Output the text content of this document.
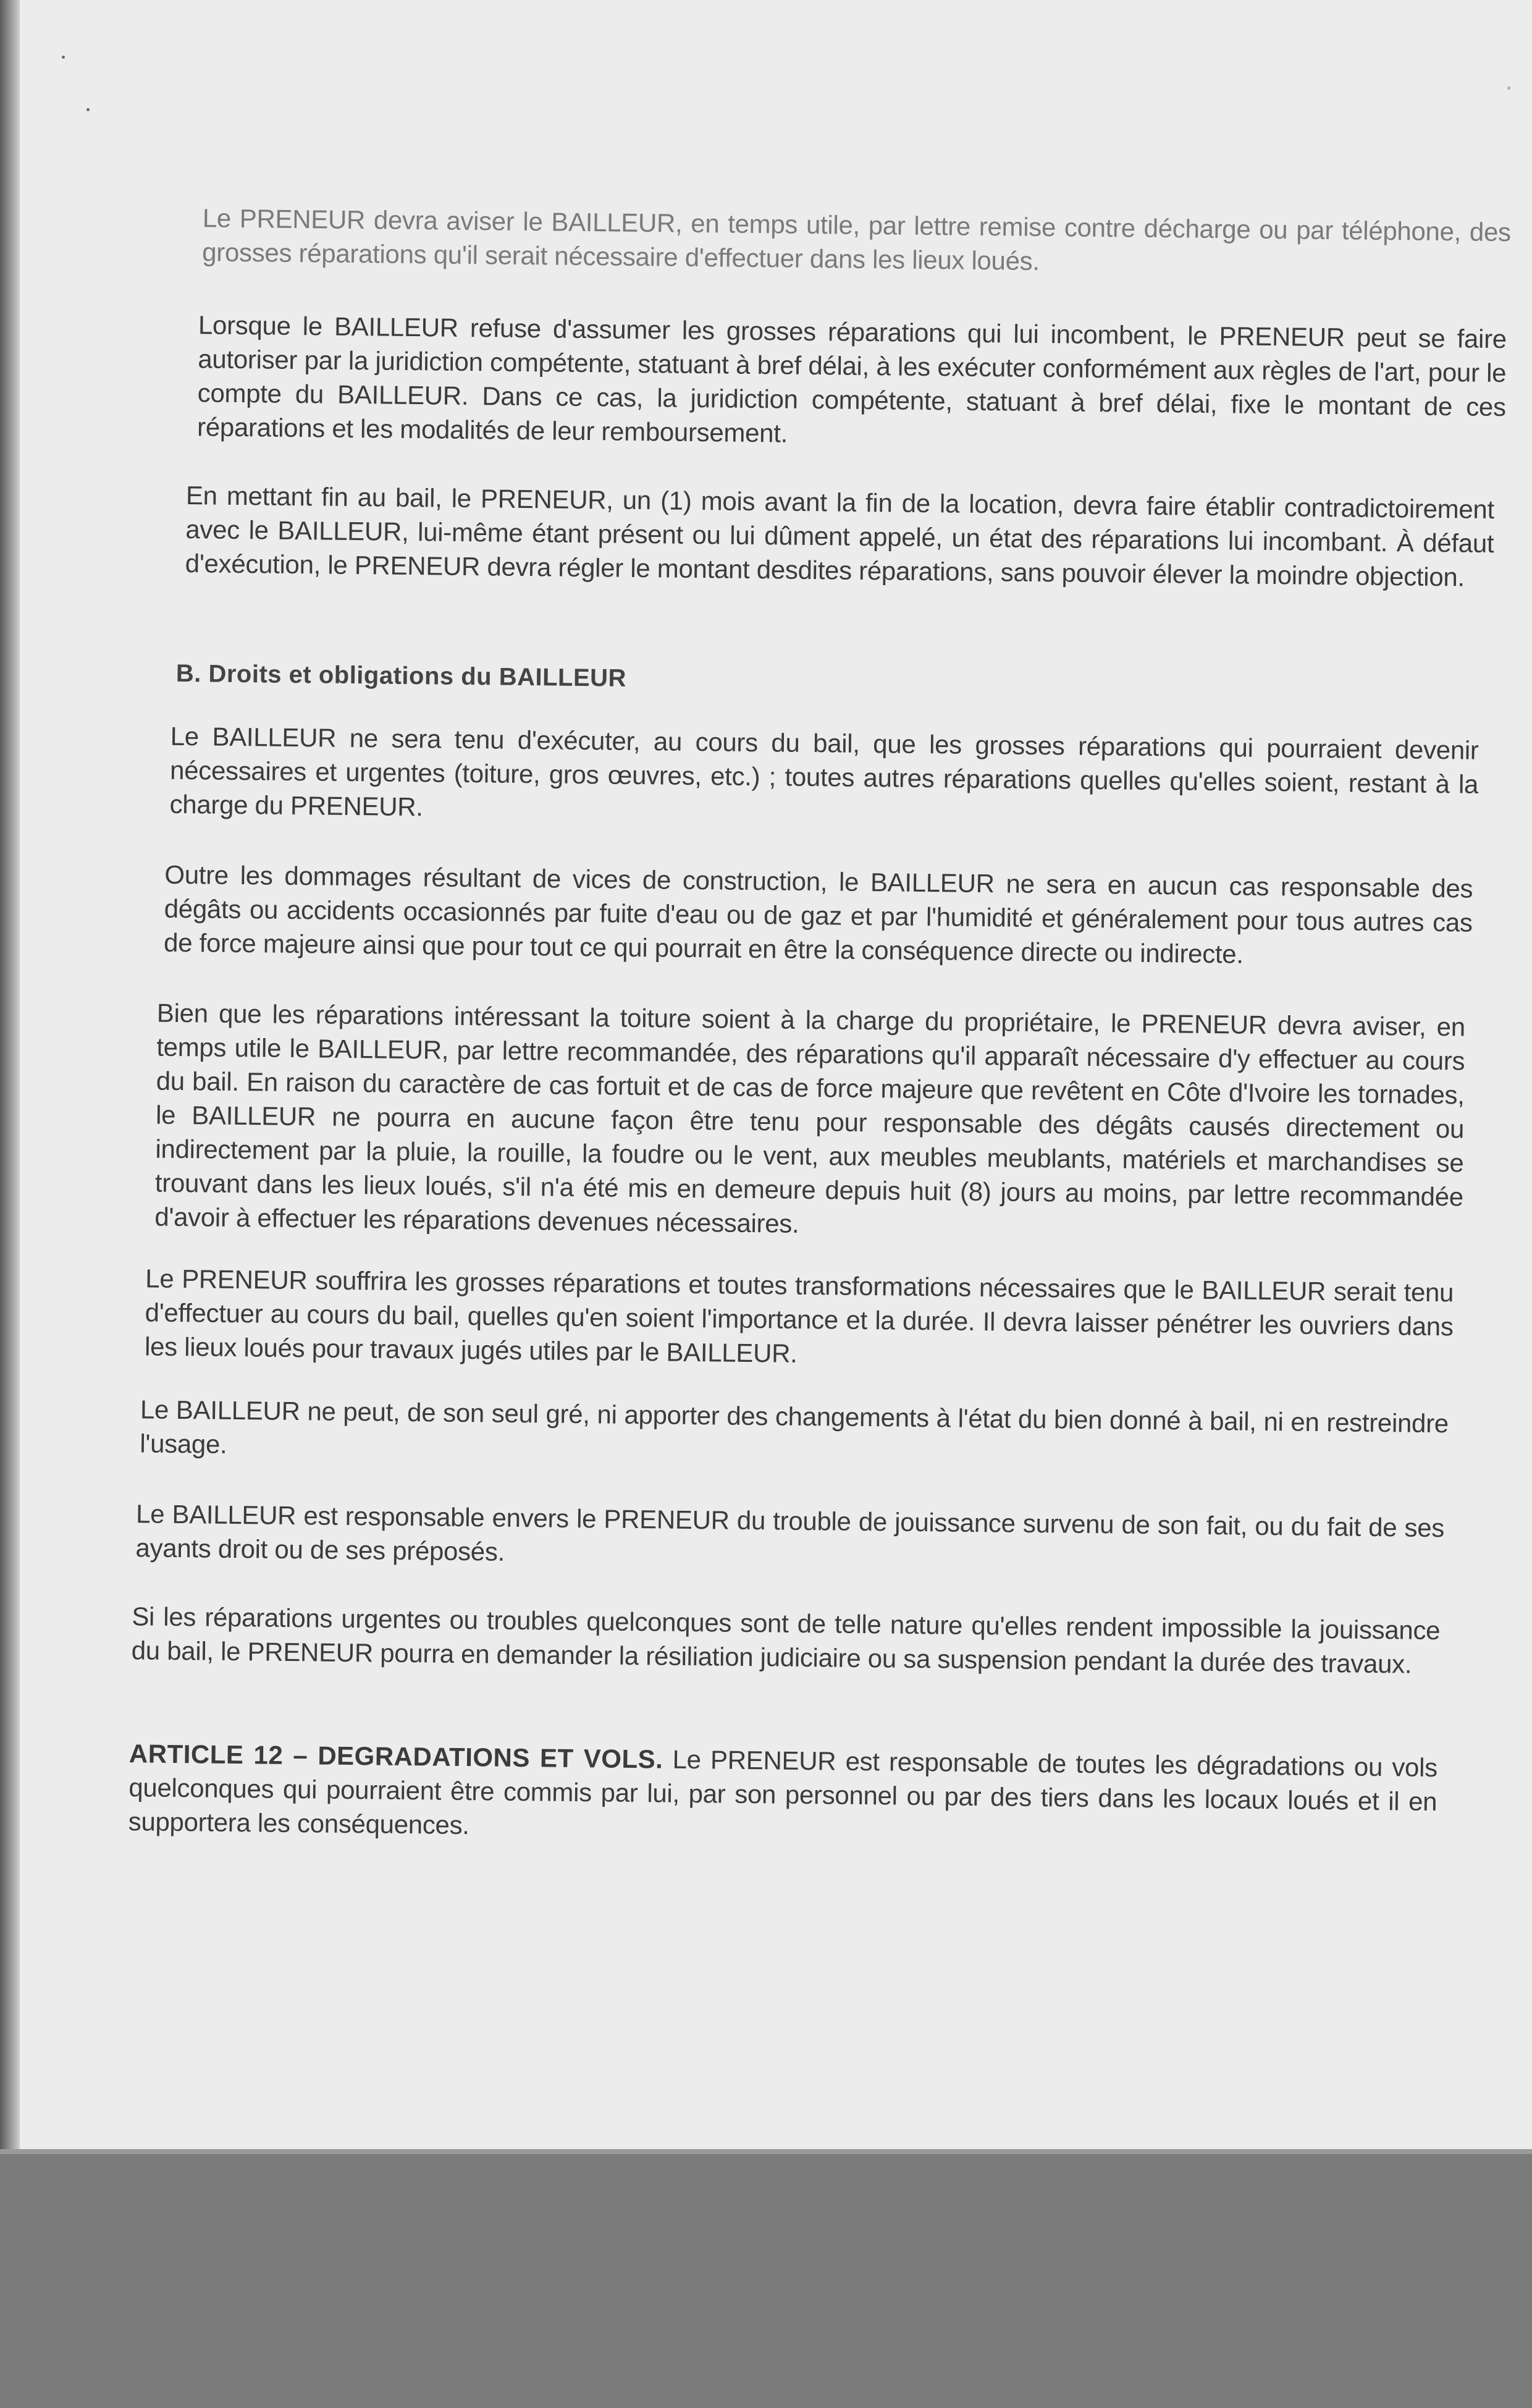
Le PRENEUR devra aviser le BAILLEUR, en temps utile, par lettre remise contre décharge ou par téléphone, des grosses réparations qu'il serait nécessaire d'effectuer dans les lieux loués.
Lorsque le BAILLEUR refuse d'assumer les grosses réparations qui lui incombent, le PRENEUR peut se faire autoriser par la juridiction compétente, statuant à bref délai, à les exécuter conformément aux règles de l'art, pour le compte du BAILLEUR. Dans ce cas, la juridiction compétente, statuant à bref délai, fixe le montant de ces réparations et les modalités de leur remboursement.
En mettant fin au bail, le PRENEUR, un (1) mois avant la fin de la location, devra faire établir contradictoirement avec le BAILLEUR, lui-même étant présent ou lui dûment appelé, un état des réparations lui incombant. À défaut d'exécution, le PRENEUR devra régler le montant desdites réparations, sans pouvoir élever la moindre objection.
B. Droits et obligations du BAILLEUR
Le BAILLEUR ne sera tenu d'exécuter, au cours du bail, que les grosses réparations qui pourraient devenir nécessaires et urgentes (toiture, gros œuvres, etc.) ; toutes autres réparations quelles qu'elles soient, restant à la charge du PRENEUR.
Outre les dommages résultant de vices de construction, le BAILLEUR ne sera en aucun cas responsable des dégâts ou accidents occasionnés par fuite d'eau ou de gaz et par l'humidité et généralement pour tous autres cas de force majeure ainsi que pour tout ce qui pourrait en être la conséquence directe ou indirecte.
Bien que les réparations intéressant la toiture soient à la charge du propriétaire, le PRENEUR devra aviser, en temps utile le BAILLEUR, par lettre recommandée, des réparations qu'il apparaît nécessaire d'y effectuer au cours du bail. En raison du caractère de cas fortuit et de cas de force majeure que revêtent en Côte d'Ivoire les tornades, le BAILLEUR ne pourra en aucune façon être tenu pour responsable des dégâts causés directement ou indirectement par la pluie, la rouille, la foudre ou le vent, aux meubles meublants, matériels et marchandises se trouvant dans les lieux loués, s'il n'a été mis en demeure depuis huit (8) jours au moins, par lettre recommandée d'avoir à effectuer les réparations devenues nécessaires.
Le PRENEUR souffrira les grosses réparations et toutes transformations nécessaires que le BAILLEUR serait tenu d'effectuer au cours du bail, quelles qu'en soient l'importance et la durée. Il devra laisser pénétrer les ouvriers dans les lieux loués pour travaux jugés utiles par le BAILLEUR.
Le BAILLEUR ne peut, de son seul gré, ni apporter des changements à l'état du bien donné à bail, ni en restreindre l'usage.
Le BAILLEUR est responsable envers le PRENEUR du trouble de jouissance survenu de son fait, ou du fait de ses ayants droit ou de ses préposés.
Si les réparations urgentes ou troubles quelconques sont de telle nature qu'elles rendent impossible la jouissance du bail, le PRENEUR pourra en demander la résiliation judiciaire ou sa suspension pendant la durée des travaux.
ARTICLE 12 – DEGRADATIONS ET VOLS. Le PRENEUR est responsable de toutes les dégradations ou vols quelconques qui pourraient être commis par lui, par son personnel ou par des tiers dans les locaux loués et il en supportera les conséquences.
